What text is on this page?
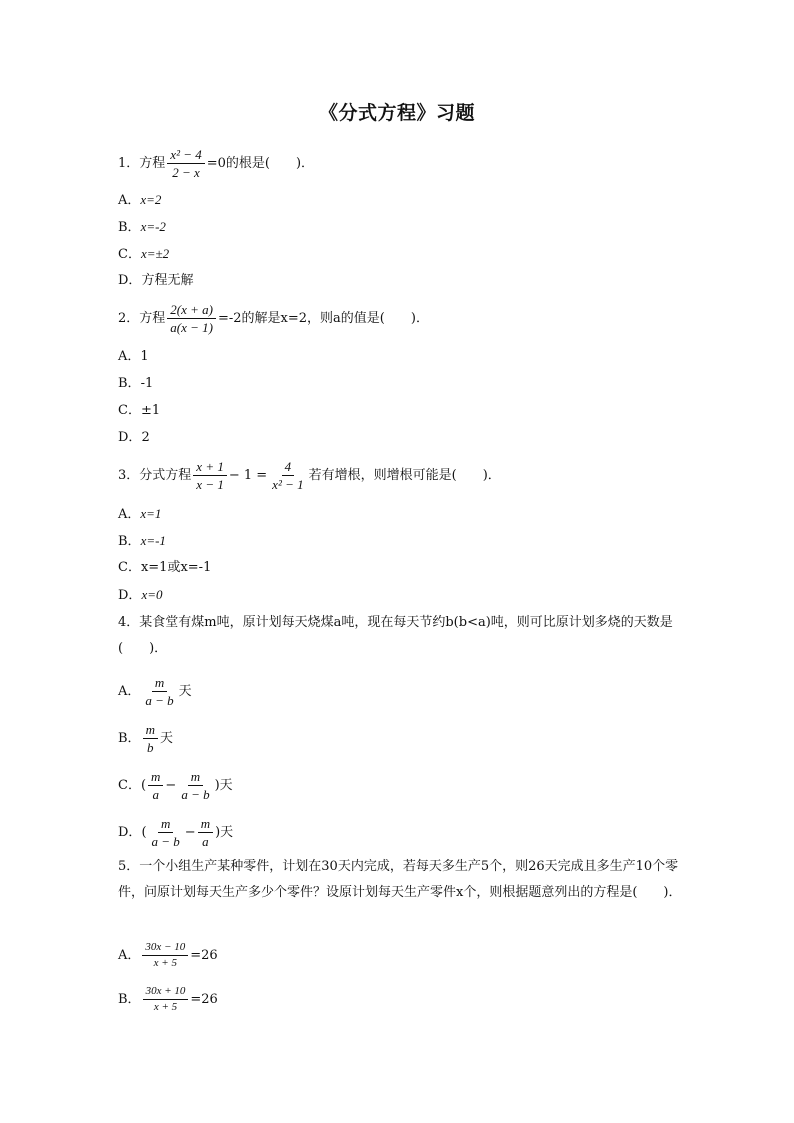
《分式方程》习题
1．方程 $\frac{\text{x² − 4}}{2 - x} =0$的根是(　　)．
A．x=2
B．x=-2
C．x=±2
D．方程无解
2．方程 $\frac{2(x + a)}{a(x - 1)} =-2$的解是x=2，则a的值是(　　)．
A．1
B．-1
C．±1
D．2
3．分式方程 $\frac{x + 1}{x - 1} - 1 = \frac{4}{\text{x² − 1}}$ 若有增根，则增根可能是(　　)．
A．x=1
B．x=-1
C．x=1或x=-1
D．x=0
4．某食堂有煤m吨，原计划每天烧煤a吨，现在每天节约b(b<a)吨，则可比原计划多烧的天数是(　　)．
A． $\frac{m}{a - b}$ 天
B． $\frac{m}{b}$ 天
C．( $\frac{m}{a} - \frac{m}{a - b}$ )天
D．( $\frac{m}{a - b} - \frac{m}{a}$ )天
5．一个小组生产某种零件，计划在30天内完成，若每天多生产5个，则26天完成且多生产10个零件，问原计划每天生产多少个零件？设原计划每天生产零件x个，则根据题意列出的方程是(　　)．
A． $\frac{30x - 10}{x + 5} =26$
B． $\frac{30x + 10}{x + 5} =26$
